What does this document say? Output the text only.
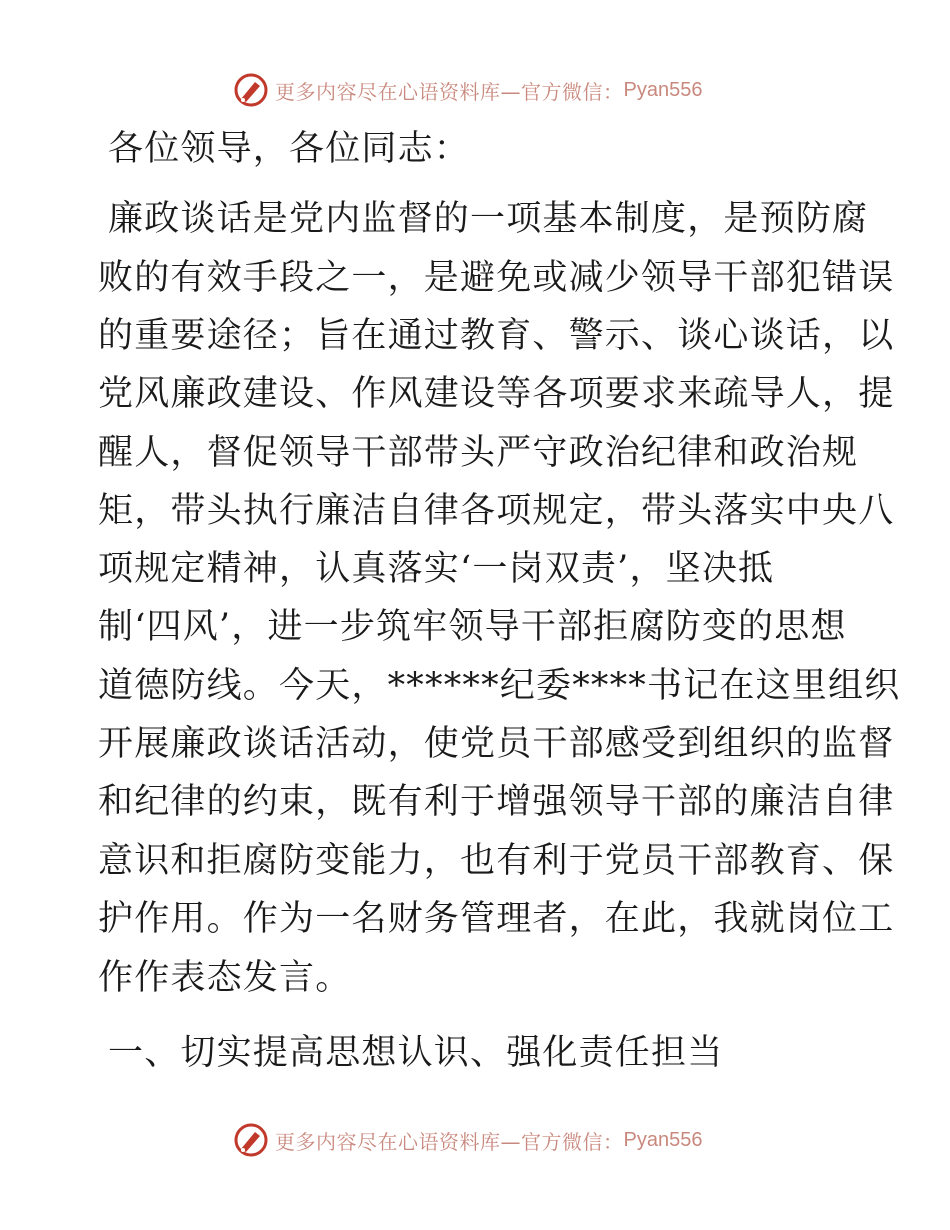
更多内容尽在心语资料库—官方微信： Pyan556
各位领导，各位同志：
廉政谈话是党内监督的一项基本制度，是预防腐
败的有效手段之一，是避免或减少领导干部犯错误
的重要途径；旨在通过教育、警示、谈心谈话，以
党风廉政建设、作风建设等各项要求来疏导人，提
醒人，督促领导干部带头严守政治纪律和政治规
矩，带头执行廉洁自律各项规定，带头落实中央八
项规定精神，认真落实‘一岗双责’，坚决抵
制‘四风’，进一步筑牢领导干部拒腐防变的思想
道德防线。今天，******纪委****书记在这里组织
开展廉政谈话活动，使党员干部感受到组织的监督
和纪律的约束，既有利于增强领导干部的廉洁自律
意识和拒腐防变能力，也有利于党员干部教育、保
护作用。作为一名财务管理者，在此，我就岗位工
作作表态发言。
一、切实提高思想认识、强化责任担当
更多内容尽在心语资料库—官方微信： Pyan556
